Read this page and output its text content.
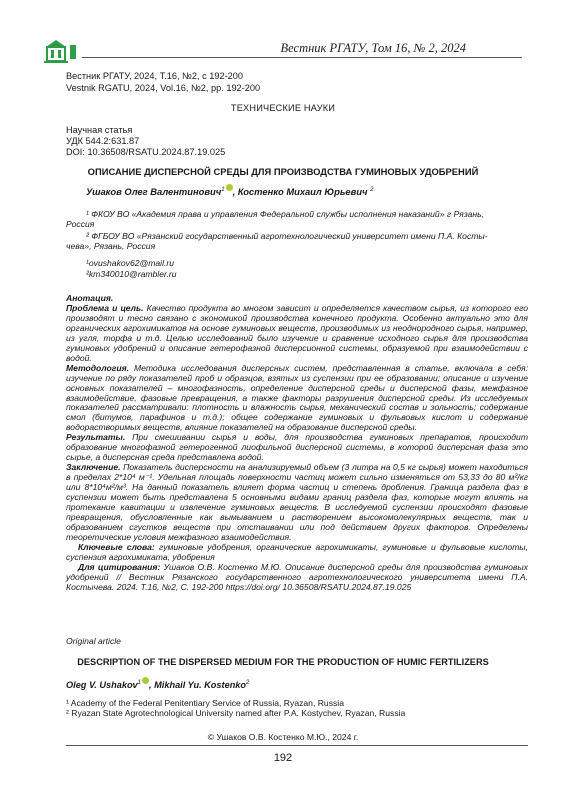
Вестник РГАТУ, Том 16, № 2, 2024
Вестник РГАТУ, 2024, Т.16, №2, с 192-200
Vestnik RGATU, 2024, Vol.16, №2, pp. 192-200
ТЕХНИЧЕСКИЕ НАУКИ
Научная статья
УДК 544.2:631.87
DOI: 10.36508/RSATU.2024.87.19.025
ОПИСАНИЕ ДИСПЕРСНОЙ СРЕДЫ ДЛЯ ПРОИЗВОДСТВА ГУМИНОВЫХ УДОБРЕНИЙ
Ушаков Олег Валентинович$^1$ , Костенко Михаил Юрьевич $^2$
¹ ФКОУ ВО «Академия права и управления Федеральной службы исполнения наказаний» г Рязань,
Россия
² ФГБОУ ВО «Рязанский государственный агротехнологический университет имени П.А. Косты-
чева», Рязань, Россия
¹ovushakov62@mail.ru
²km340010@rambler.ru

Анотация.

Проблема и цель. Качество продукта во многом зависит и определяется качеством сырья, из которого его производят и тесно связано с экономикой производства конечного продукта. Особенно актуально это для органических агрохимикатов на основе гуминовых веществ, производимых из неоднородного сырья, например, из угля, торфа и т.д. Целью исследований было изучение и сравнение исходного сырья для производства гуминовых удобрений и описание гетерофазной дисперсионной системы, образуемой при взаимодействии с водой.

Методология. Методика исследования дисперсных систем, представленная в статье, включала в себя: изучение по ряду показателей проб и образцов, взятых из суспензии при ее образовании; описание и изучение основных показателей – многофазность, определение дисперсной среды и дисперсной фазы, межфазное взаимодействие, фазовые превращения, а также факторы разрушения дисперсной среды. Из исследуемых показателей рассматривали: плотность и влажность сырья, механический состав и зольность; содержание смол (битумов, парафинов и т.д.); общее содержание гуминовых и фульвовых кислот и содержание водорастворимых веществ, влияние показателей на образование дисперсной среды.

Результаты. При смешивании сырья и воды, для производства гуминовых препаратов, происходит образование многофазной гетерогенной лиофильной дисперсной системы, в которой дисперсная фаза это сырье, а дисперсная среда представлена водой.

Заключение. Показатель дисперсности на анализируемый объем (3 литра на 0,5 кг сырья) может находиться в пределах 2*10⁴ м⁻¹. Удельная площадь поверхности частиц может сильно изменяться от 53,33 до 80 м²/кг или 8*10⁴м²/м³. На данный показатель влияет форма частиц и степень дробления. Граница раздела фаз в суспензии может быть представлена 5 основными видами границ раздела фаз, которые могут влиять на протекание кавитации и извлечение гуминовых веществ. В исследуемой суспензии происходят фазовые превращения, обусловленные как вымыванием и растворением высокомолекулярных веществ, так и образованием сгустков веществ при отстаивании или под действием других факторов. Определены теоретические условия межфазного взаимодействия.

Ключевые слова: гуминовые удобрения, органические агрохимикаты, гуминовые и фульвовые кислоты, суспензия агрохимиката, удобрения

Для цитирования: Ушаков О.В. Костенко М.Ю. Описание дисперсной среды для производства гуминовых удобрений // Вестник Рязанского государственного агротехнологического университета имени П.А. Костычева. 2024. Т.16, №2, С. 192-200 https://doi.org/ 10.36508/RSATU.2024.87.19.025

Original article
DESCRIPTION OF THE DISPERSED MEDIUM FOR THE PRODUCTION OF HUMIC FERTILIZERS
Oleg V. Ushakov$^1$ , Mikhail Yu. Kostenko$^2$
¹ Academy of the Federal Penitentiary Service of Russia, Ryazan, Russia
² Ryazan State Agrotechnological University named after P.A. Kostychev, Ryazan, Russia
© Ушаков О.В. Костенко М.Ю., 2024 г.
192
